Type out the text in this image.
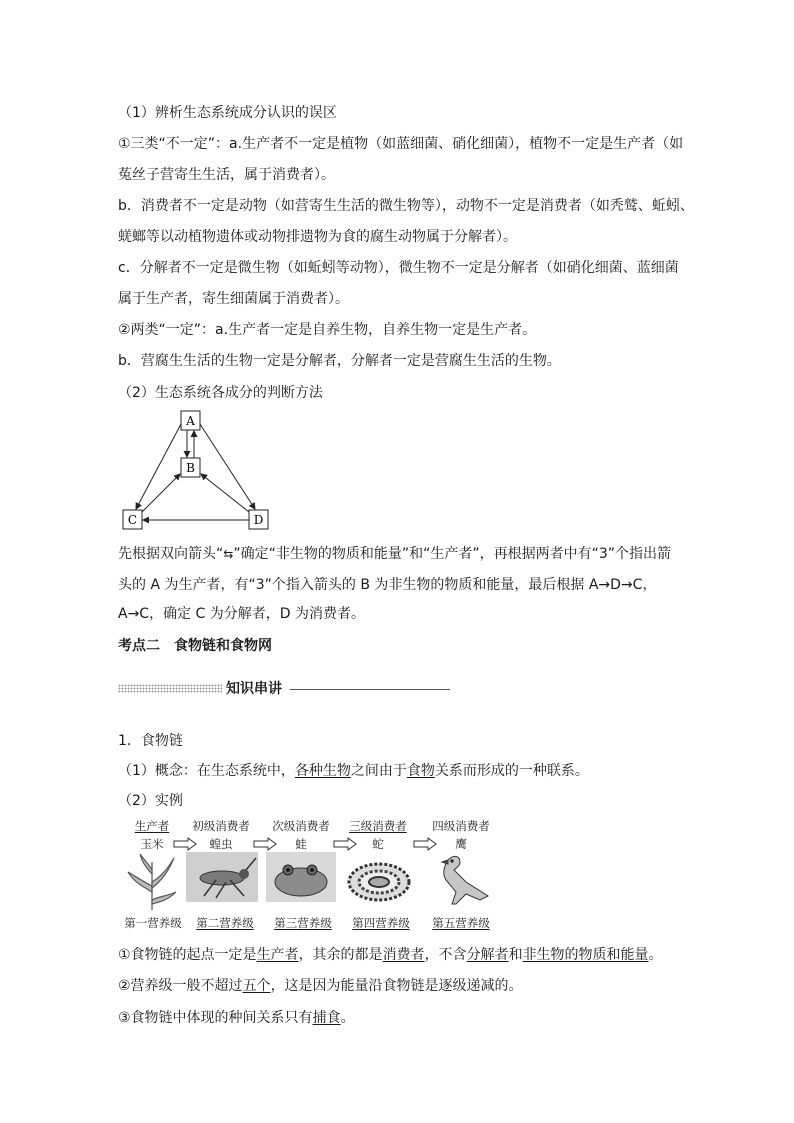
（1）辨析生态系统成分认识的误区
①三类“不一定”：a.生产者不一定是植物（如蓝细菌、硝化细菌），植物不一定是生产者（如
菟丝子营寄生生活，属于消费者）。
b．消费者不一定是动物（如营寄生生活的微生物等），动物不一定是消费者（如秃鹫、蚯蚓、
蜣螂等以动植物遗体或动物排遗物为食的腐生动物属于分解者）。
c．分解者不一定是微生物（如蚯蚓等动物），微生物不一定是分解者（如硝化细菌、蓝细菌
属于生产者，寄生细菌属于消费者）。
②两类“一定”：a.生产者一定是自养生物，自养生物一定是生产者。
b．营腐生生活的生物一定是分解者，分解者一定是营腐生生活的生物。
（2）生态系统各成分的判断方法
A
B
C	D
先根据双向箭头“⇆”确定“非生物的物质和能量”和“生产者”，再根据两者中有“3”个指出箭
头的 A 为生产者，有“3”个指入箭头的 B 为非生物的物质和能量，最后根据 A→D→C，
A→C，确定 C 为分解者，D 为消费者。
考点二　食物链和食物网
知识串讲
1．食物链
（1）概念：在生态系统中，各种生物之间由于食物关系而形成的一种联系。
（2）实例
生产者	初级消费者	次级消费者	三级消费者	四级消费者
玉米	蝗虫	蛙	蛇	鹰
第一营养级	第二营养级	第三营养级	第四营养级	第五营养级
①食物链的起点一定是生产者，其余的都是消费者，不含分解者和非生物的物质和能量。
②营养级一般不超过五个，这是因为能量沿食物链是逐级递减的。
③食物链中体现的种间关系只有捕食。
